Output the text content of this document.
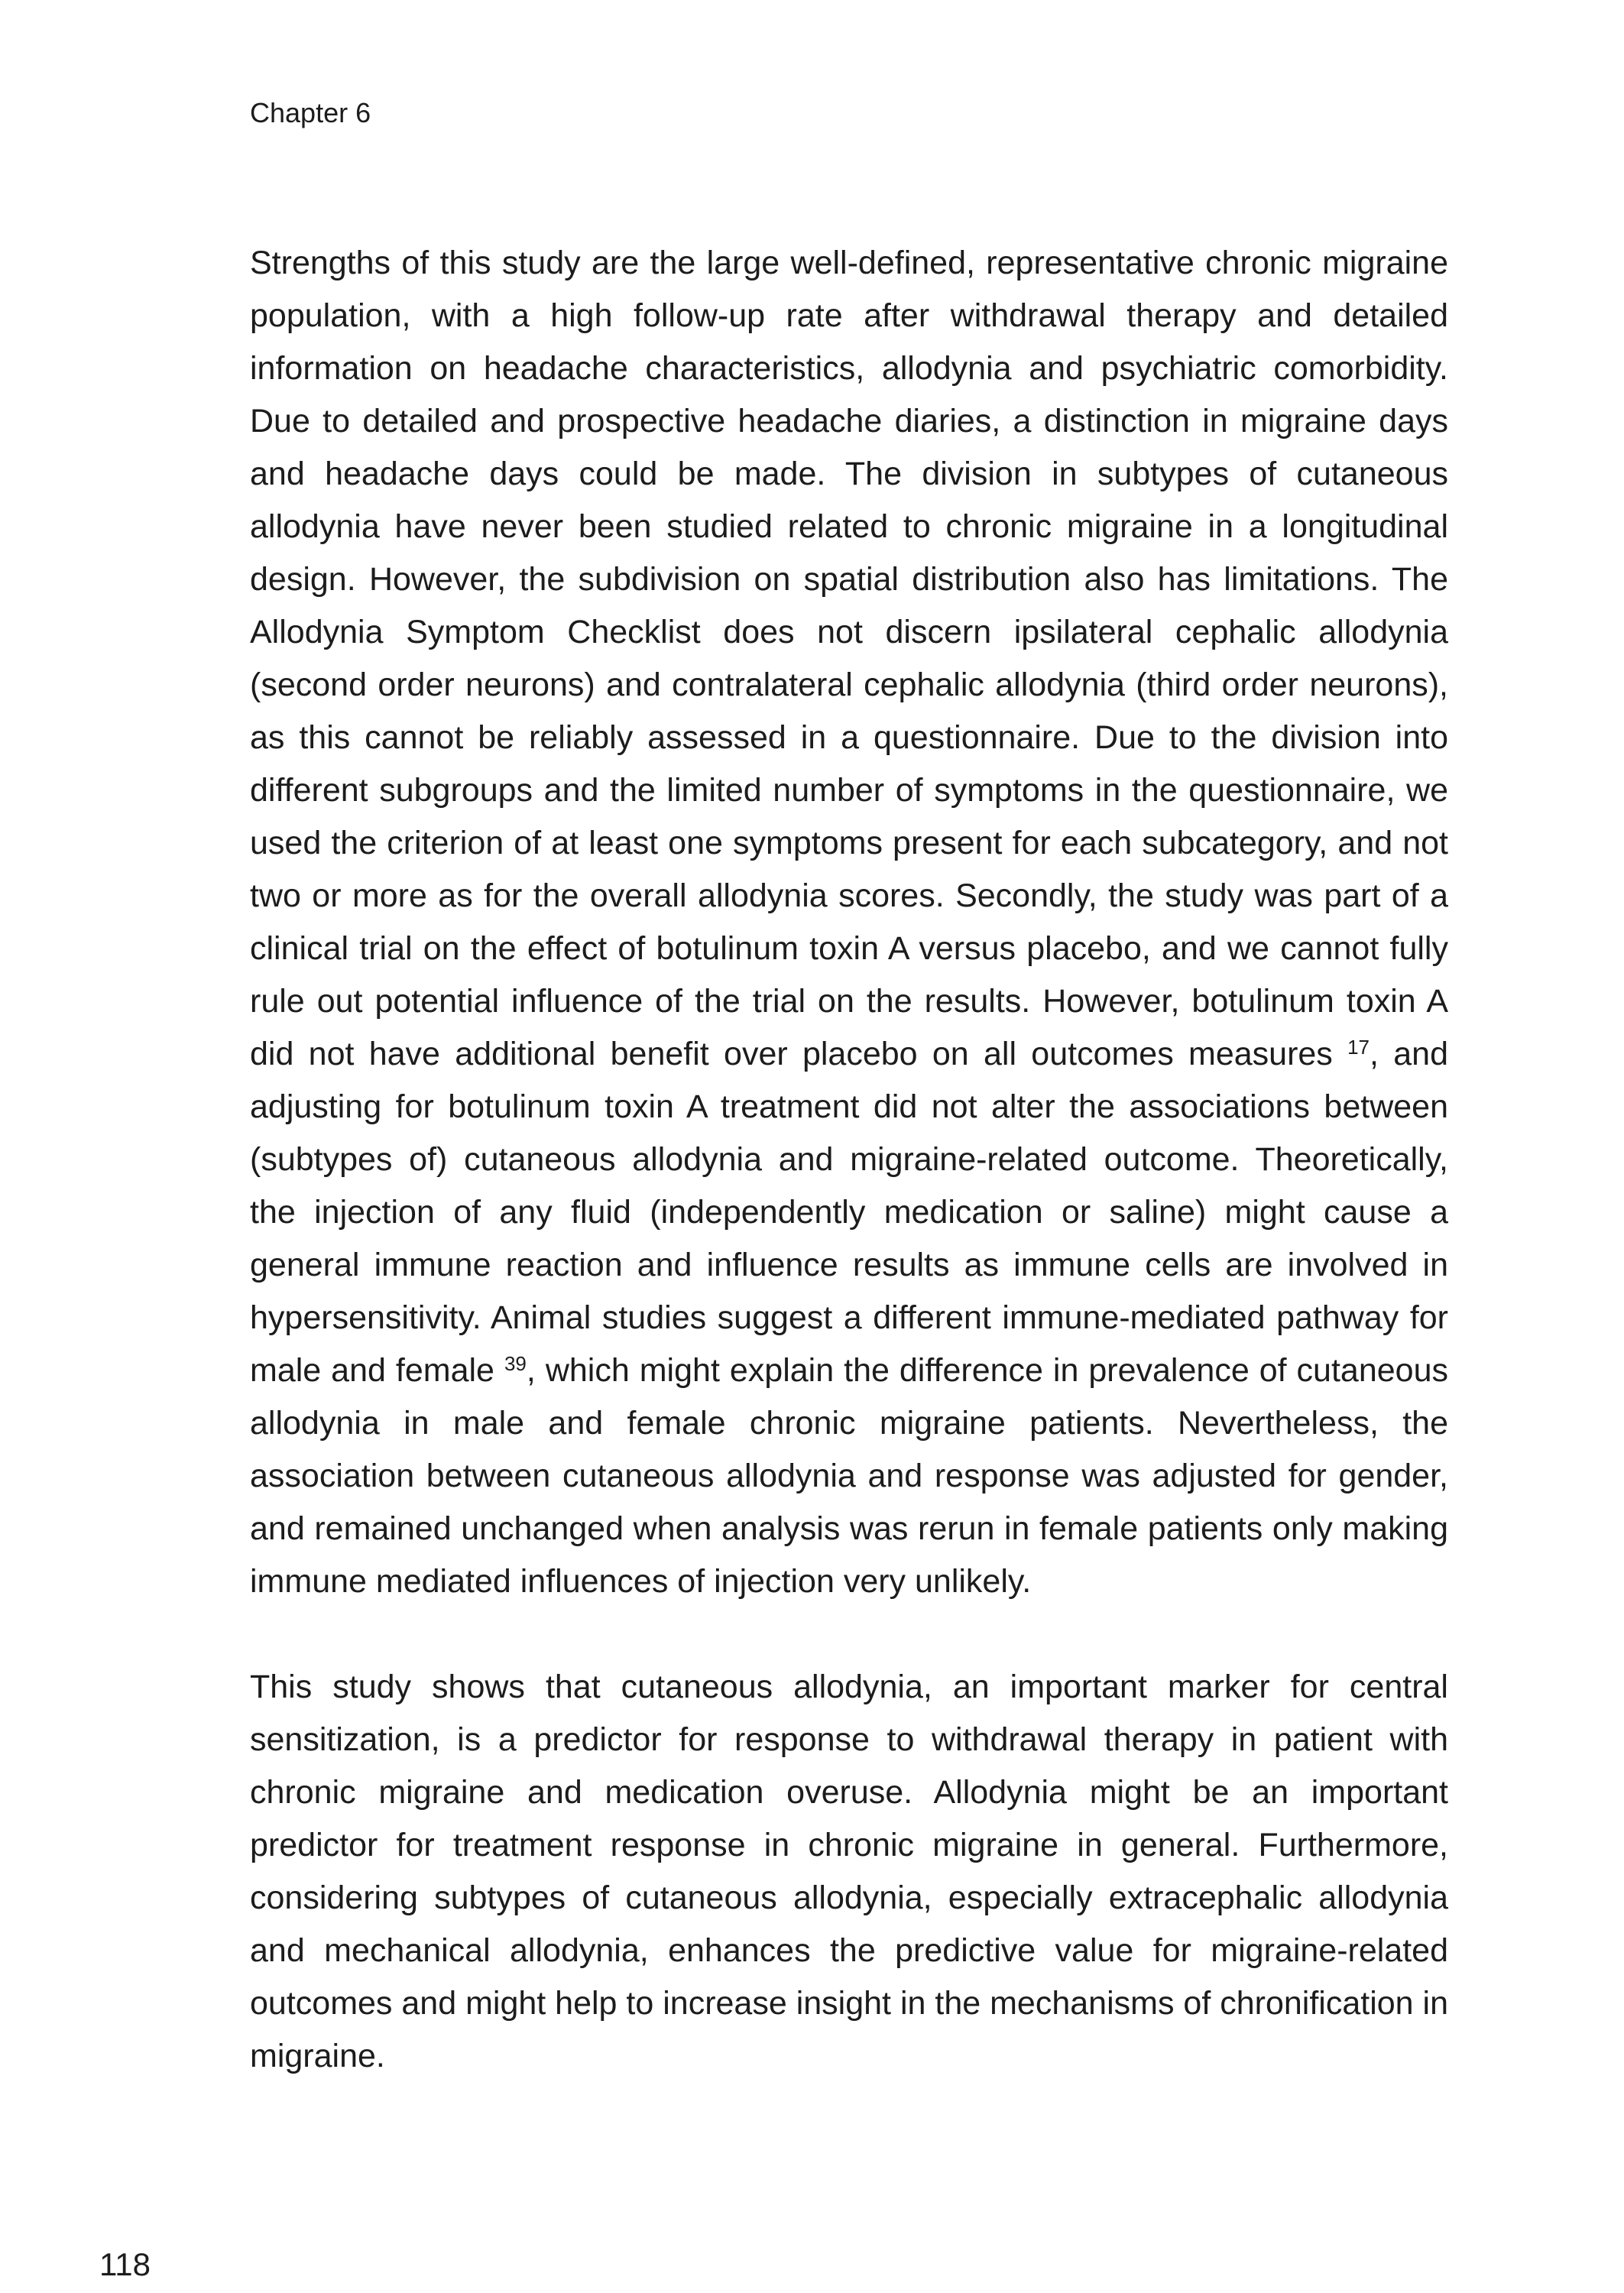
Chapter 6

Strengths of this study are the large well-defined, representative chronic migraine population, with a high follow-up rate after withdrawal therapy and detailed information on headache characteristics, allodynia and psychiatric comorbidity. Due to detailed and prospective headache diaries, a distinction in migraine days and headache days could be made. The division in subtypes of cutaneous allodynia have never been studied related to chronic migraine in a longitudinal design. However, the subdivision on spatial distribution also has limitations. The Allodynia Symptom Checklist does not discern ipsilateral cephalic allodynia (second order neurons) and contralateral cephalic allodynia (third order neurons), as this cannot be reliably assessed in a questionnaire. Due to the division into different subgroups and the limited number of symptoms in the questionnaire, we used the criterion of at least one symptoms present for each subcategory, and not two or more as for the overall allodynia scores. Secondly, the study was part of a clinical trial on the effect of botulinum toxin A versus placebo, and we cannot fully rule out potential influence of the trial on the results. However, botulinum toxin A did not have additional benefit over placebo on all outcomes measures $^{17}$, and adjusting for botulinum toxin A treatment did not alter the associations between (subtypes of) cutaneous allodynia and migraine-related outcome. Theoretically, the injection of any fluid (independently medication or saline) might cause a general immune reaction and influence results as immune cells are involved in hypersensitivity. Animal studies suggest a different immune-mediated pathway for male and female $^{39}$, which might explain the difference in prevalence of cutaneous allodynia in male and female chronic migraine patients. Nevertheless, the association between cutaneous allodynia and response was adjusted for gender, and remained unchanged when analysis was rerun in female patients only making immune mediated influences of injection very unlikely.

This study shows that cutaneous allodynia, an important marker for central sensitization, is a predictor for response to withdrawal therapy in patient with chronic migraine and medication overuse. Allodynia might be an important predictor for treatment response in chronic migraine in general. Furthermore, considering subtypes of cutaneous allodynia, especially extracephalic allodynia and mechanical allodynia, enhances the predictive value for migraine-related outcomes and might help to increase insight in the mechanisms of chronification in migraine.

118
